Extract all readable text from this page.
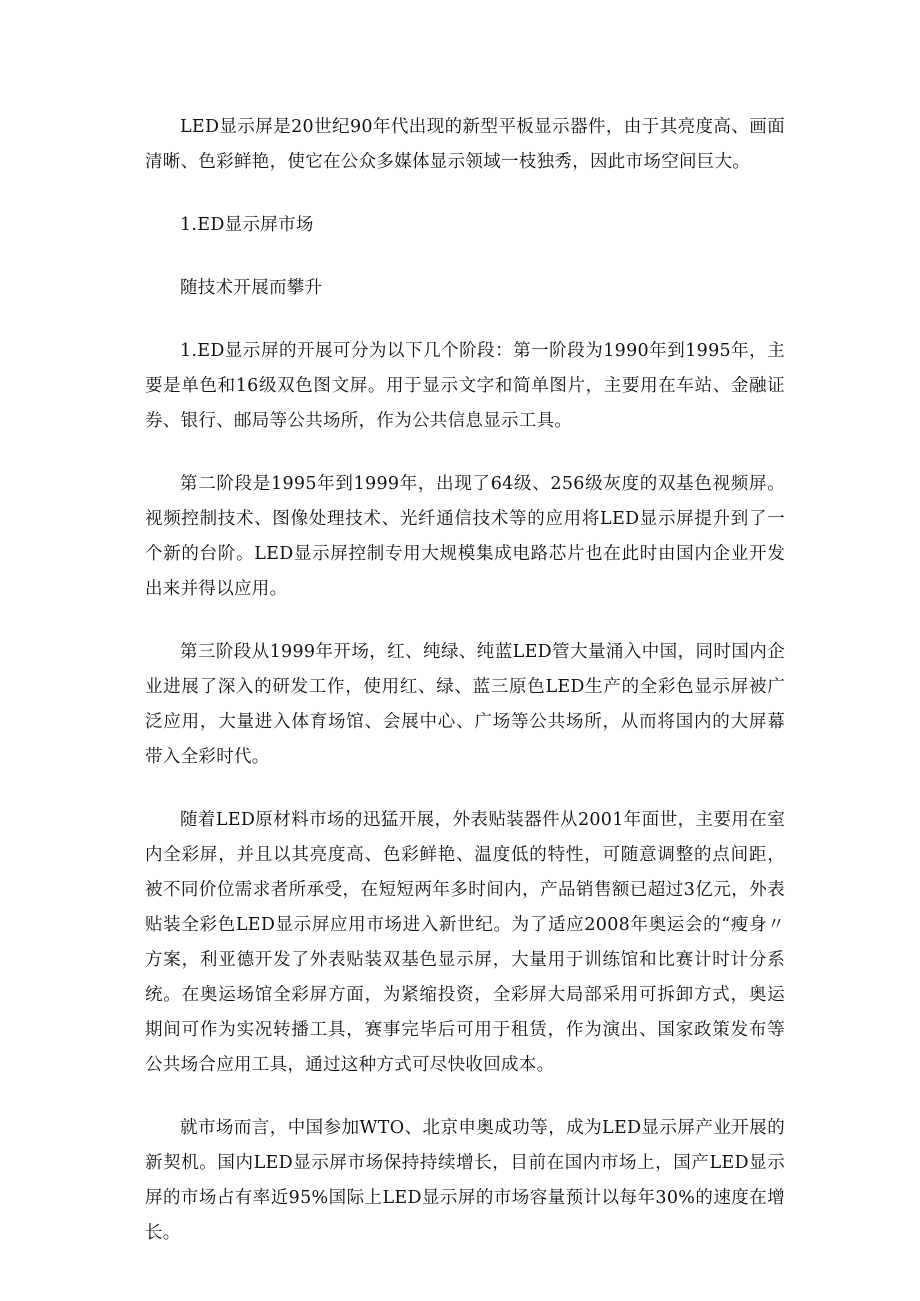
LED显示屏是20世纪90年代出现的新型平板显示器件，由于其亮度高、画面清晰、色彩鲜艳，使它在公众多媒体显示领域一枝独秀，因此市场空间巨大。

1.ED显示屏市场

随技术开展而攀升

1.ED显示屏的开展可分为以下几个阶段：第一阶段为1990年到1995年，主要是单色和16级双色图文屏。用于显示文字和简单图片，主要用在车站、金融证券、银行、邮局等公共场所，作为公共信息显示工具。

第二阶段是1995年到1999年，出现了64级、256级灰度的双基色视频屏。视频控制技术、图像处理技术、光纤通信技术等的应用将LED显示屏提升到了一个新的台阶。LED显示屏控制专用大规模集成电路芯片也在此时由国内企业开发出来并得以应用。

第三阶段从1999年开场，红、纯绿、纯蓝LED管大量涌入中国，同时国内企业进展了深入的研发工作，使用红、绿、蓝三原色LED生产的全彩色显示屏被广泛应用，大量进入体育场馆、会展中心、广场等公共场所，从而将国内的大屏幕带入全彩时代。

随着LED原材料市场的迅猛开展，外表贴装器件从2001年面世，主要用在室内全彩屏，并且以其亮度高、色彩鲜艳、温度低的特性，可随意调整的点间距，被不同价位需求者所承受，在短短两年多时间内，产品销售额已超过3亿元，外表贴装全彩色LED显示屏应用市场进入新世纪。为了适应2008年奥运会的“瘦身〃方案，利亚德开发了外表贴装双基色显示屏，大量用于训练馆和比赛计时计分系统。在奥运场馆全彩屏方面，为紧缩投资，全彩屏大局部采用可拆卸方式，奥运期间可作为实况转播工具，赛事完毕后可用于租赁，作为演出、国家政策发布等公共场合应用工具，通过这种方式可尽快收回成本。

就市场而言，中国参加WTO、北京申奥成功等，成为LED显示屏产业开展的新契机。国内LED显示屏市场保持持续增长，目前在国内市场上，国产LED显示屏的市场占有率近95%国际上LED显示屏的市场容量预计以每年30%的速度在增长。
